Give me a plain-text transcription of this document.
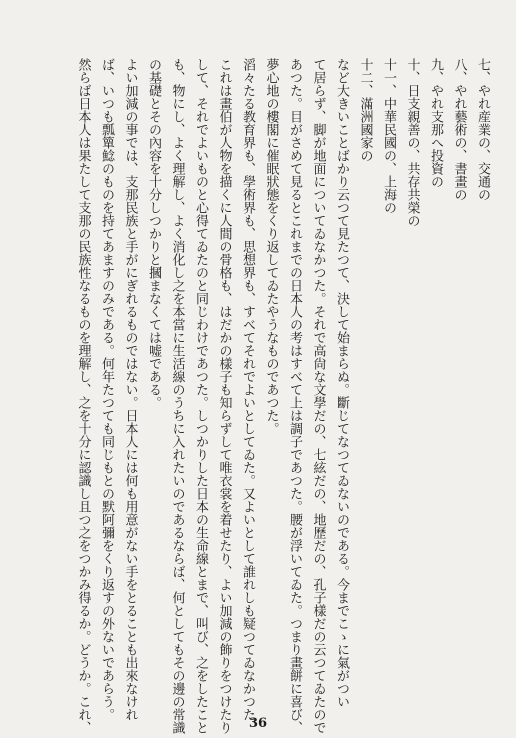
七、やれ産業の、交通の

八、やれ藝術の、書畫の

九、やれ支那へ投資の

十、日支親善の、共存共榮の

十一、中華民國の、上海の

十二、滿洲國家の

など大きいことばかり云つて見たつて、決して始まらぬ。斷じてなつてゐないのである。今までこゝに氣がつい

て居らず、脚が地面についてゐなかつた。それで高尙な文學だの、七絃だの、地歷だの、孔子樣だの云つてゐたので

あつた。目がさめて見るとこれまでの日本人の考はすべて上は調子であつた。腰が浮いてゐた。つまり畫餅に喜び、

夢心地の樓閣に催眠狀態をくり返してゐたやうなものであつた。

滔々たる教育界も、學術界も、思想界も、すべてそれでよいとしてゐた。又よいとして誰れしも疑つてゐなかつた

これは畫伯が人物を描くに人間の骨格も、はだかの樣子も知らずして唯衣裳を着せたり、よい加減の飾りをつけたり

して、それでよいものと心得てゐたのと同じわけであつた。しつかりした日本の生命線とまで、叫び、之をしたこと

も、物にし、よく理解し、よく消化し之を本當に生活線のうちに入れたいのであるならば、何としてもその邊の常識

の基礎とその內容を十分しつかりと摑まなくては嘘である。

よい加減の事では、支那民族と手がにぎれるものではない。日本人には何も用意がない手をとることも出來なけれ

ば、いつも瓢簞鯰のものを持てあますのみである。何年たつても同じもとの默阿彌をくり返すの外ないであらう。

然らば日本人は果たして支那の民族性なるものを理解し、之を十分に認識し且つ之をつかみ得るか。どうか。これ、	36
